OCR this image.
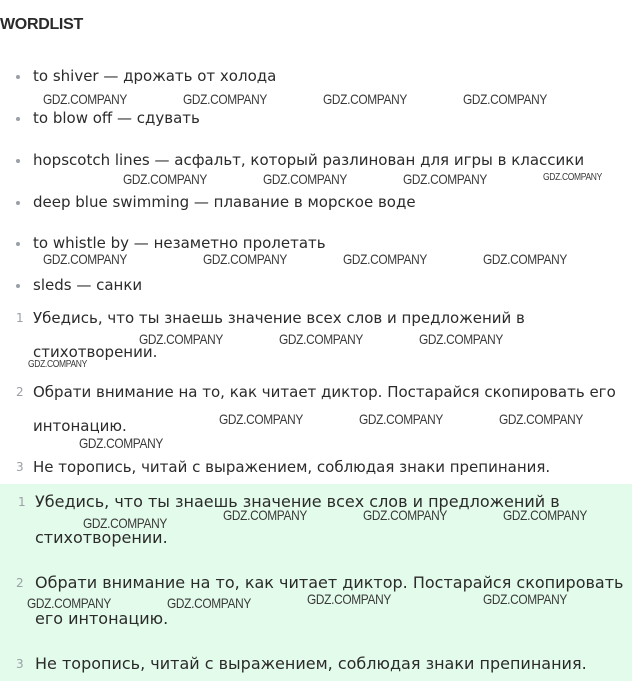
WORDLIST
to shiver — дрожать от холода
to blow off — сдувать
hopscotch lines — асфальт, который разлинован для игры в классики
deep blue swimming — плавание в морское воде
to whistle by — незаметно пролетать
sleds — санки
1 Убедись, что ты знаешь значение всех слов и предложений в
стихотворении.
2 Обрати внимание на то, как читает диктор. Постарайся скопировать его
интонацию.
3 Не торопись, читай с выражением, соблюдая знаки препинания.
1 Убедись, что ты знаешь значение всех слов и предложений в
стихотворении.
2 Обрати внимание на то, как читает диктор. Постарайся скопировать
его интонацию.
3 Не торопись, читай с выражением, соблюдая знаки препинания.
GDZ.COMPANY	GDZ.COMPANY	GDZ.COMPANY	GDZ.COMPANY
GDZ.COMPANY	GDZ.COMPANY	GDZ.COMPANY	GDZ.COMPANY
GDZ.COMPANY	GDZ.COMPANY	GDZ.COMPANY	GDZ.COMPANY
GDZ.COMPANY	GDZ.COMPANY	GDZ.COMPANY
GDZ.COMPANY
GDZ.COMPANY	GDZ.COMPANY	GDZ.COMPANY
GDZ.COMPANY
GDZ.COMPANY	GDZ.COMPANY	GDZ.COMPANY	GDZ.COMPANY
GDZ.COMPANY	GDZ.COMPANY	GDZ.COMPANY	GDZ.COMPANY
